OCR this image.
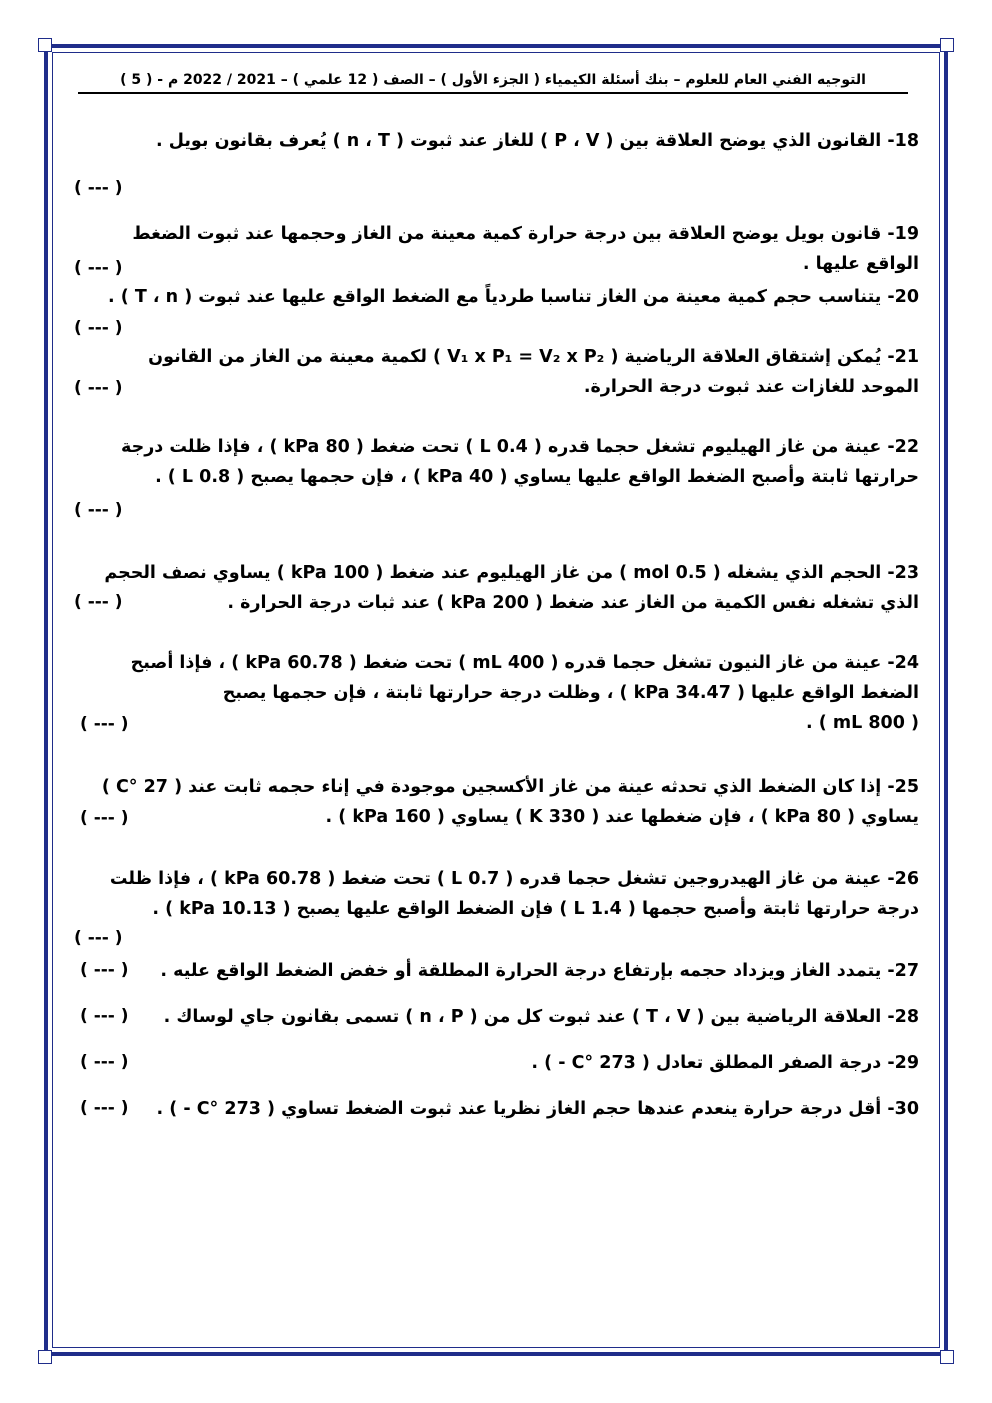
التوجيه الفني العام للعلوم – بنك أسئلة الكيمياء ( الجزء الأول ) – الصف ( 12 علمي ) – 2021 / 2022 م - ( 5 )
18- القانون الذي يوضح العلاقة بين ( P ، V ) للغاز عند ثبوت ( n ، T ) يُعرف بقانون بويل .
( --- )
19- قانون بويل يوضح العلاقة بين درجة حرارة كمية معينة من الغاز وحجمها عند ثبوت الضغط
الواقع عليها .
( --- )
20- يتناسب حجم كمية معينة من الغاز تناسبا طردياً مع الضغط الواقع عليها عند ثبوت ( T ، n ) .
( --- )
21- يُمكن إشتقاق العلاقة الرياضية ( V₁ x P₁ = V₂ x P₂ ) لكمية معينة من الغاز من القانون
الموحد للغازات عند ثبوت درجة الحرارة.
( --- )
22- عينة من غاز الهيليوم تشغل حجما قدره ( 0.4 L ) تحت ضغط ( 80 kPa ) ، فإذا ظلت درجة
حرارتها ثابتة وأصبح الضغط الواقع عليها يساوي ( 40 kPa ) ، فإن حجمها يصبح ( 0.8 L ) .
( --- )
23- الحجم الذي يشغله ( 0.5 mol ) من غاز الهيليوم عند ضغط ( 100 kPa ) يساوي نصف الحجم
الذي تشغله نفس الكمية من الغاز عند ضغط ( 200 kPa ) عند ثبات درجة الحرارة .
( --- )
24- عينة من غاز النيون تشغل حجما قدره ( 400 mL ) تحت ضغط ( 60.78 kPa ) ، فإذا أصبح
الضغط الواقع عليها ( 34.47 kPa ) ، وظلت درجة حرارتها ثابتة ، فإن حجمها يصبح
( 800 mL ) .
( --- )
25- إذا كان الضغط الذي تحدثه عينة من غاز الأكسجين موجودة في إناء حجمه ثابت عند ( 27 °C )
يساوي ( 80 kPa ) ، فإن ضغطها عند ( 330 K ) يساوي ( 160 kPa ) .
( --- )
26- عينة من غاز الهيدروجين تشغل حجما قدره ( 0.7 L ) تحت ضغط ( 60.78 kPa ) ، فإذا ظلت
درجة حرارتها ثابتة وأصبح حجمها ( 1.4 L ) فإن الضغط الواقع عليها يصبح ( 10.13 kPa ) .
( --- )
27- يتمدد الغاز ويزداد حجمه بإرتفاع درجة الحرارة المطلقة أو خفض الضغط الواقع عليه .
( --- )
28- العلاقة الرياضية بين ( T ، V ) عند ثبوت كل من ( n ، P ) تسمى بقانون جاي لوساك .
( --- )
29- درجة الصفر المطلق تعادل ( 273 °C - ) .
( --- )
30- أقل درجة حرارة ينعدم عندها حجم الغاز نظريا عند ثبوت الضغط تساوي ( 273 °C - ) .
( --- )
